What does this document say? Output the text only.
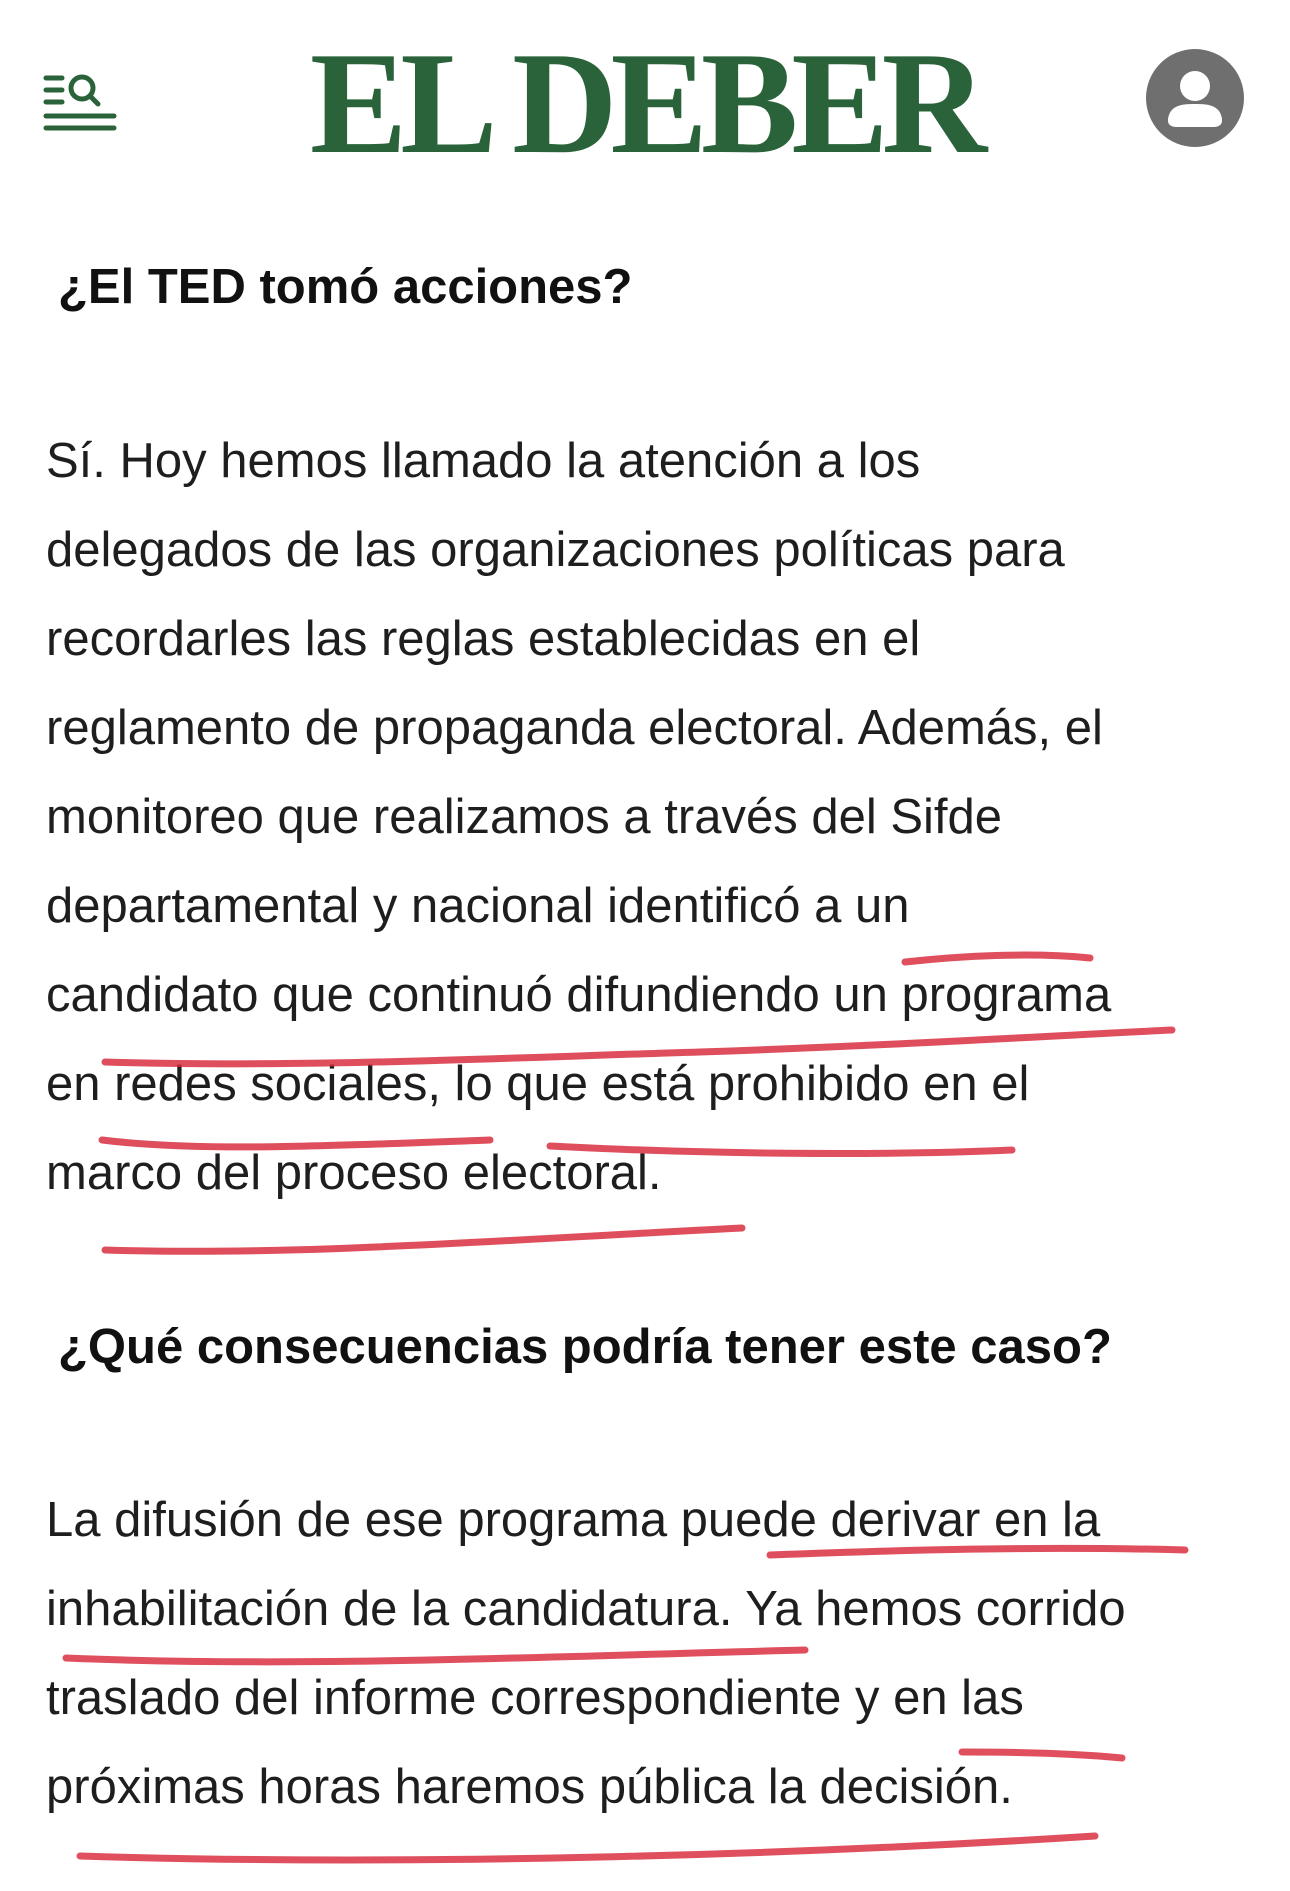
EL DEBER
¿El TED tomó acciones?
Sí. Hoy hemos llamado la atención a los
delegados de las organizaciones políticas para
recordarles las reglas establecidas en el
reglamento de propaganda electoral. Además, el
monitoreo que realizamos a través del Sifde
departamental y nacional identificó a un
candidato que continuó difundiendo un programa
en redes sociales, lo que está prohibido en el
marco del proceso electoral.
¿Qué consecuencias podría tener este caso?
La difusión de ese programa puede derivar en la
inhabilitación de la candidatura. Ya hemos corrido
traslado del informe correspondiente y en las
próximas horas haremos pública la decisión.
